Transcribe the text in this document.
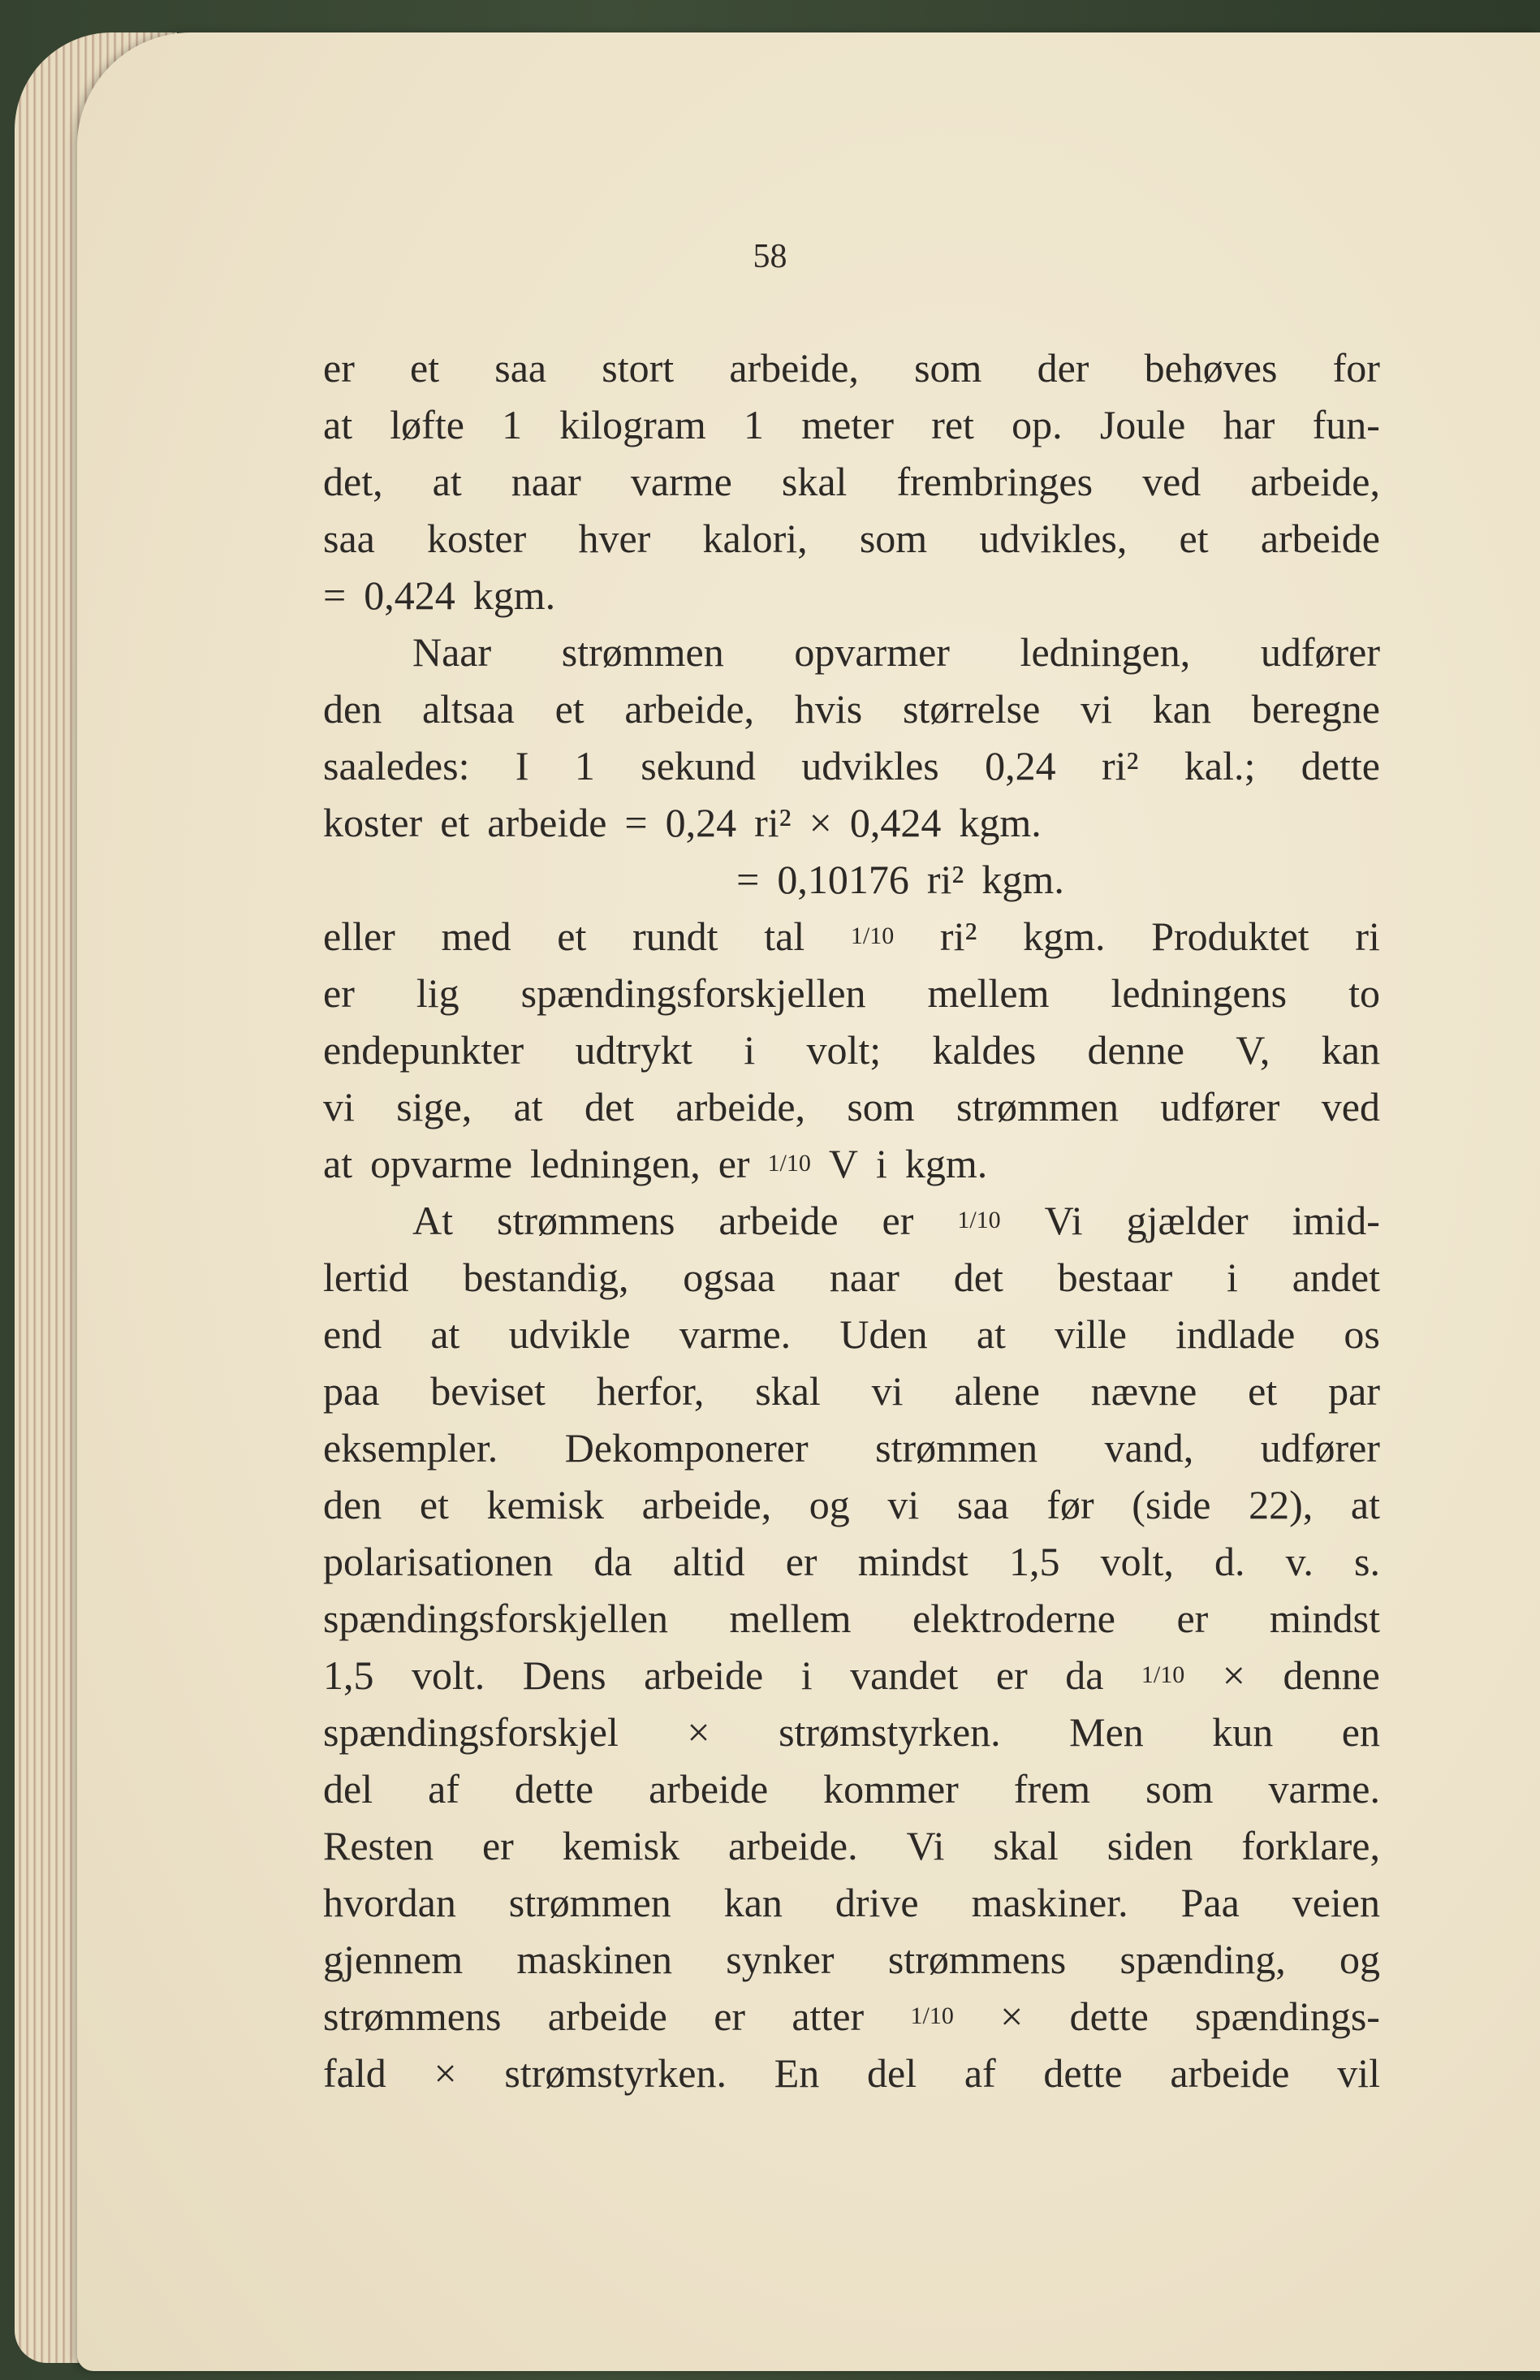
58
er et saa stort arbeide, som der behøves for
at løfte 1 kilogram 1 meter ret op. Joule har fun-
det, at naar varme skal frembringes ved arbeide,
saa koster hver kalori, som udvikles, et arbeide
= 0,424 kgm.
Naar strømmen opvarmer ledningen, udfører
den altsaa et arbeide, hvis størrelse vi kan beregne
saaledes: I 1 sekund udvikles 0,24 ri² kal.; dette
koster et arbeide = 0,24 ri² × 0,424 kgm.
= 0,10176 ri² kgm.
eller med et rundt tal 1/10 ri² kgm. Produktet ri
er lig spændingsforskjellen mellem ledningens to
endepunkter udtrykt i volt; kaldes denne V, kan
vi sige, at det arbeide, som strømmen udfører ved
at opvarme ledningen, er 1/10 V i kgm.
At strømmens arbeide er 1/10 Vi gjælder imid-
lertid bestandig, ogsaa naar det bestaar i andet
end at udvikle varme. Uden at ville indlade os
paa beviset herfor, skal vi alene nævne et par
eksempler. Dekomponerer strømmen vand, udfører
den et kemisk arbeide, og vi saa før (side 22), at
polarisationen da altid er mindst 1,5 volt, d. v. s.
spændingsforskjellen mellem elektroderne er mindst
1,5 volt. Dens arbeide i vandet er da 1/10 × denne
spændingsforskjel × strømstyrken. Men kun en
del af dette arbeide kommer frem som varme.
Resten er kemisk arbeide. Vi skal siden forklare,
hvordan strømmen kan drive maskiner. Paa veien
gjennem maskinen synker strømmens spænding, og
strømmens arbeide er atter 1/10 × dette spændings-
fald × strømstyrken. En del af dette arbeide vil
